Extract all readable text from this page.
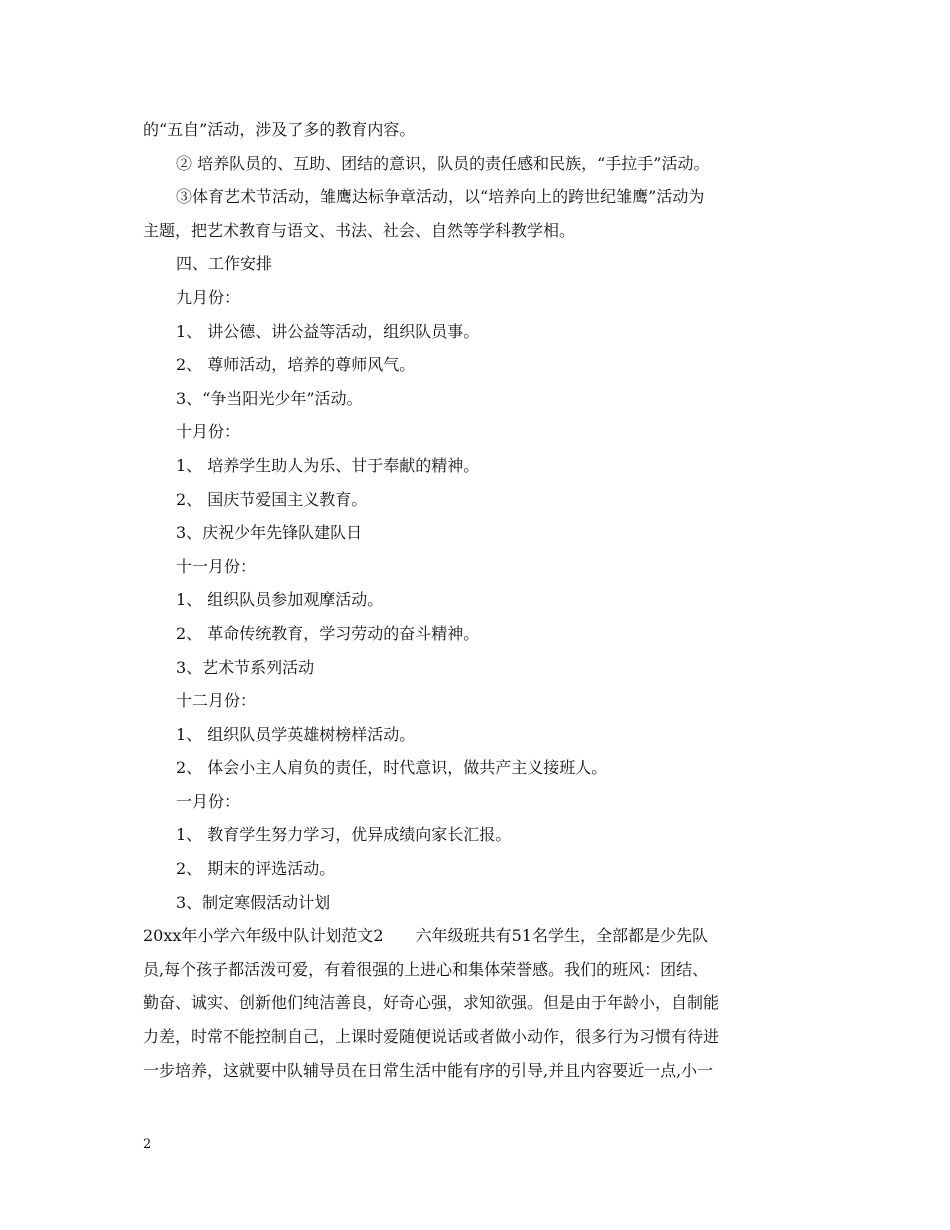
的“五自”活动，涉及了多的教育内容。
② 培养队员的、互助、团结的意识，队员的责任感和民族，“手拉手”活动。
③体育艺术节活动，雏鹰达标争章活动，以“培养向上的跨世纪雏鹰”活动为
主题，把艺术教育与语文、书法、社会、自然等学科教学相。
四、工作安排
九月份：
1、 讲公德、讲公益等活动，组织队员事。
2、 尊师活动，培养的尊师风气。
3、“争当阳光少年”活动。
十月份：
1、 培养学生助人为乐、甘于奉献的精神。
2、 国庆节爱国主义教育。
3、庆祝少年先锋队建队日
十一月份：
1、 组织队员参加观摩活动。
2、 革命传统教育，学习劳动的奋斗精神。
3、艺术节系列活动
十二月份：
1、 组织队员学英雄树榜样活动。
2、 体会小主人肩负的责任，时代意识，做共产主义接班人。
一月份：
1、 教育学生努力学习，优异成绩向家长汇报。
2、 期末的评选活动。
3、制定寒假活动计划
20xx年小学六年级中队计划范文2　　六年级班共有51名学生，全部都是少先队
员,每个孩子都活泼可爱，有着很强的上进心和集体荣誉感。我们的班风：团结、
勤奋、诚实、创新他们纯洁善良，好奇心强，求知欲强。但是由于年龄小，自制能
力差，时常不能控制自己，上课时爱随便说话或者做小动作，很多行为习惯有待进
一步培养，这就要中队辅导员在日常生活中能有序的引导,并且内容要近一点,小一
2
